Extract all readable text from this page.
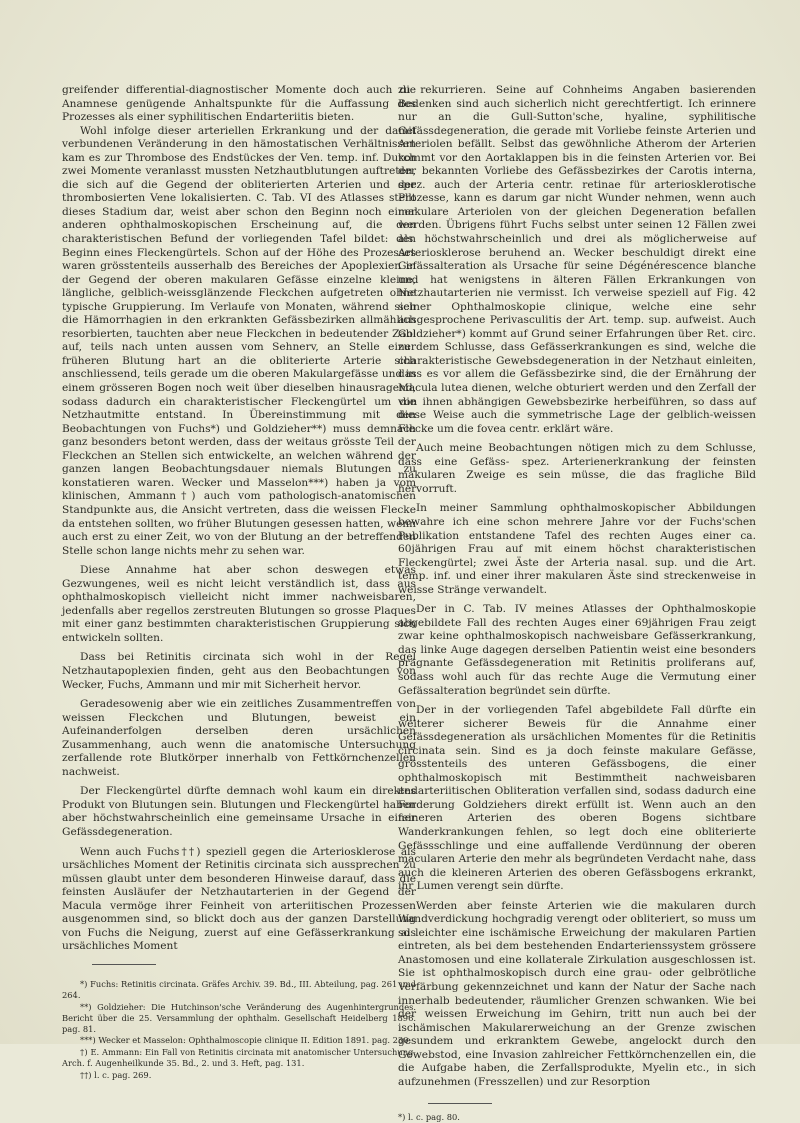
greifender differential-diagnostischer Momente doch auch die Anamnese genügende Anhaltspunkte für die Auffassung des Prozesses als einer syphilitischen Endarteriitis bieten.

Wohl infolge dieser arteriellen Erkrankung und der damit verbundenen Veränderung in den hämostatischen Verhältnissen kam es zur Thrombose des Endstückes der Ven. temp. inf. Durch zwei Momente veranlasst mussten Netzhautblutungen auftreten, die sich auf die Gegend der obliterierten Arterien und der thrombosierten Vene lokalisierten. C. Tab. VI des Atlasses stellt dieses Stadium dar, weist aber schon den Beginn noch einer anderen ophthalmoskopischen Erscheinung auf, die den charakteristischen Befund der vorliegenden Tafel bildet: den Beginn eines Fleckengürtels. Schon auf der Höhe des Prozesses waren grösstenteils ausserhalb des Bereiches der Apoplexien in der Gegend der oberen makularen Gefässe einzelne kleine, längliche, gelblich-weissglänzende Fleckchen aufgetreten ohne typische Gruppierung. Im Verlaufe von Monaten, während sich die Hämorrhagien in den erkrankten Gefässbezirken allmählich resorbierten, tauchten aber neue Fleckchen in bedeutender Zahl auf, teils nach unten aussen vom Sehnerv, an Stelle einer früheren Blutung hart an die obliterierte Arterie sich anschliessend, teils gerade um die oberen Makulargefässe und in einem grösseren Bogen noch weit über dieselben hinausragend, sodass dadurch ein charakteristischer Fleckengürtel um die Netzhautmitte entstand. In Übereinstimmung mit den Beobachtungen von Fuchs*) und Goldzieher**) muss demnach ganz besonders betont werden, dass der weitaus grösste Teil der Fleckchen an Stellen sich entwickelte, an welchen während der ganzen langen Beobachtungsdauer niemals Blutungen zu konstatieren waren. Wecker und Masselon***) haben ja vom klinischen, Ammann†) auch vom pathologisch-anatomischen Standpunkte aus, die Ansicht vertreten, dass die weissen Flecke da entstehen sollten, wo früher Blutungen gesessen hatten, wenn auch erst zu einer Zeit, wo von der Blutung an der betreffenden Stelle schon lange nichts mehr zu sehen war.

Diese Annahme hat aber schon deswegen etwas Gezwungenes, weil es nicht leicht verständlich ist, dass aus ophthalmoskopisch vielleicht nicht immer nachweisbaren, jedenfalls aber regellos zerstreuten Blutungen so grosse Plaques mit einer ganz bestimmten charakteristischen Gruppierung sich entwickeln sollten.

Dass bei Retinitis circinata sich wohl in der Regel Netzhautapoplexien finden, geht aus den Beobachtungen von Wecker, Fuchs, Ammann und mir mit Sicherheit hervor.

Geradesowenig aber wie ein zeitliches Zusammentreffen von weissen Fleckchen und Blutungen, beweist ein Aufeinanderfolgen derselben deren ursächlichen Zusammenhang, auch wenn die anatomische Untersuchung zerfallende rote Blutkörper innerhalb von Fettkörnchenzellen nachweist.

Der Fleckengürtel dürfte demnach wohl kaum ein direktes Produkt von Blutungen sein. Blutungen und Fleckengürtel haben aber höchstwahrscheinlich eine gemeinsame Ursache in einer Gefässdegeneration.

Wenn auch Fuchs††) speziell gegen die Arteriosklerose als ursächliches Moment der Retinitis circinata sich aussprechen zu müssen glaubt unter dem besonderen Hinweise darauf, dass die feinsten Ausläufer der Netzhautarterien in der Gegend der Macula vermöge ihrer Feinheit von arteriitischen Prozessen ausgenommen sind, so blickt doch aus der ganzen Darstellung von Fuchs die Neigung, zuerst auf eine Gefässerkrankung als ursächliches Moment

*) Fuchs: Retinitis circinata. Gräfes Archiv. 39. Bd., III. Abteilung, pag. 261 und 264.

**) Goldzieher: Die Hutchinson'sche Veränderung des Augenhintergrundes. Bericht über die 25. Versammlung der ophthalm. Gesellschaft Heidelberg 1896. pag. 81.

***) Wecker et Masselon: Ophthalmoscopie clinique II. Edition 1891. pag. 230.

†) E. Ammann: Ein Fall von Retinitis circinata mit anatomischer Untersuchung. Arch. f. Augenheilkunde 35. Bd., 2. und 3. Heft, pag. 131.

††) l. c. pag. 269.

zu rekurrieren. Seine auf Cohnheims Angaben basierenden Bedenken sind auch sicherlich nicht gerechtfertigt. Ich erinnere nur an die Gull-Sutton'sche, hyaline, syphilitische Gefässdegeneration, die gerade mit Vorliebe feinste Arterien und Arteriolen befällt. Selbst das gewöhnliche Atherom der Arterien kommt vor den Aortaklappen bis in die feinsten Arterien vor. Bei der bekannten Vorliebe des Gefässbezirkes der Carotis interna, spez. auch der Arteria centr. retinae für arteriosklerotische Prozesse, kann es darum gar nicht Wunder nehmen, wenn auch makulare Arteriolen von der gleichen Degeneration befallen werden. Übrigens führt Fuchs selbst unter seinen 12 Fällen zwei als höchstwahrscheinlich und drei als möglicherweise auf Arteriosklerose beruhend an. Wecker beschuldigt direkt eine Gefässalteration als Ursache für seine Dégénérescence blanche und hat wenigstens in älteren Fällen Erkrankungen von Netzhautarterien nie vermisst. Ich verweise speziell auf Fig. 42 seiner Ophthalmoskopie clinique, welche eine sehr ausgesprochene Perivasculitis der Art. temp. sup. aufweist. Auch Goldzieher*) kommt auf Grund seiner Erfahrungen über Ret. circ. zu dem Schlusse, dass Gefässerkrankungen es sind, welche die charakteristische Gewebsdegeneration in der Netzhaut einleiten, dass es vor allem die Gefässbezirke sind, die der Ernährung der Macula lutea dienen, welche obturiert werden und den Zerfall der von ihnen abhängigen Gewebsbezirke herbeiführen, so dass auf diese Weise auch die symmetrische Lage der gelblich-weissen Flecke um die fovea centr. erklärt wäre.

Auch meine Beobachtungen nötigen mich zu dem Schlusse, dass eine Gefäss- spez. Arterienerkrankung der feinsten makularen Zweige es sein müsse, die das fragliche Bild hervorruft.

In meiner Sammlung ophthalmoskopischer Abbildungen bewahre ich eine schon mehrere Jahre vor der Fuchs'schen Publikation entstandene Tafel des rechten Auges einer ca. 60jährigen Frau auf mit einem höchst charakteristischen Fleckengürtel; zwei Äste der Arteria nasal. sup. und die Art. temp. inf. und einer ihrer makularen Äste sind streckenweise in weisse Stränge verwandelt.

Der in C. Tab. IV meines Atlasses der Ophthalmoskopie abgebildete Fall des rechten Auges einer 69jährigen Frau zeigt zwar keine ophthalmoskopisch nachweisbare Gefässerkrankung, das linke Auge dagegen derselben Patientin weist eine besonders prägnante Gefässdegeneration mit Retinitis proliferans auf, sodass wohl auch für das rechte Auge die Vermutung einer Gefässalteration begründet sein dürfte.

Der in der vorliegenden Tafel abgebildete Fall dürfte ein weiterer sicherer Beweis für die Annahme einer Gefässdegeneration als ursächlichen Momentes für die Retinitis circinata sein. Sind es ja doch feinste makulare Gefässe, grösstenteils des unteren Gefässbogens, die einer ophthalmoskopisch mit Bestimmtheit nachweisbaren endarteriitischen Obliteration verfallen sind, sodass dadurch eine Forderung Goldziehers direkt erfüllt ist. Wenn auch an den feineren Arterien des oberen Bogens sichtbare Wanderkrankungen fehlen, so legt doch eine obliterierte Gefässschlinge und eine auffallende Verdünnung der oberen macularen Arterie den mehr als begründeten Verdacht nahe, dass auch die kleineren Arterien des oberen Gefässbogens erkrankt, ihr Lumen verengt sein dürfte.

Werden aber feinste Arterien wie die makularen durch Wandverdickung hochgradig verengt oder obliteriert, so muss um so leichter eine ischämische Erweichung der makularen Partien eintreten, als bei dem bestehenden Endarterienssystem grössere Anastomosen und eine kollaterale Zirkulation ausgeschlossen ist. Sie ist ophthalmoskopisch durch eine grau- oder gelbrötliche Verfärbung gekennzeichnet und kann der Natur der Sache nach innerhalb bedeutender, räumlicher Grenzen schwanken. Wie bei der weissen Erweichung im Gehirn, tritt nun auch bei der ischämischen Makularerweichung an der Grenze zwischen gesundem und erkranktem Gewebe, angelockt durch den Gewebstod, eine Invasion zahlreicher Fettkörnchenzellen ein, die die Aufgabe haben, die Zerfallsprodukte, Myelin etc., in sich aufzunehmen (Fresszellen) und zur Resorption

*) l. c. pag. 80.
